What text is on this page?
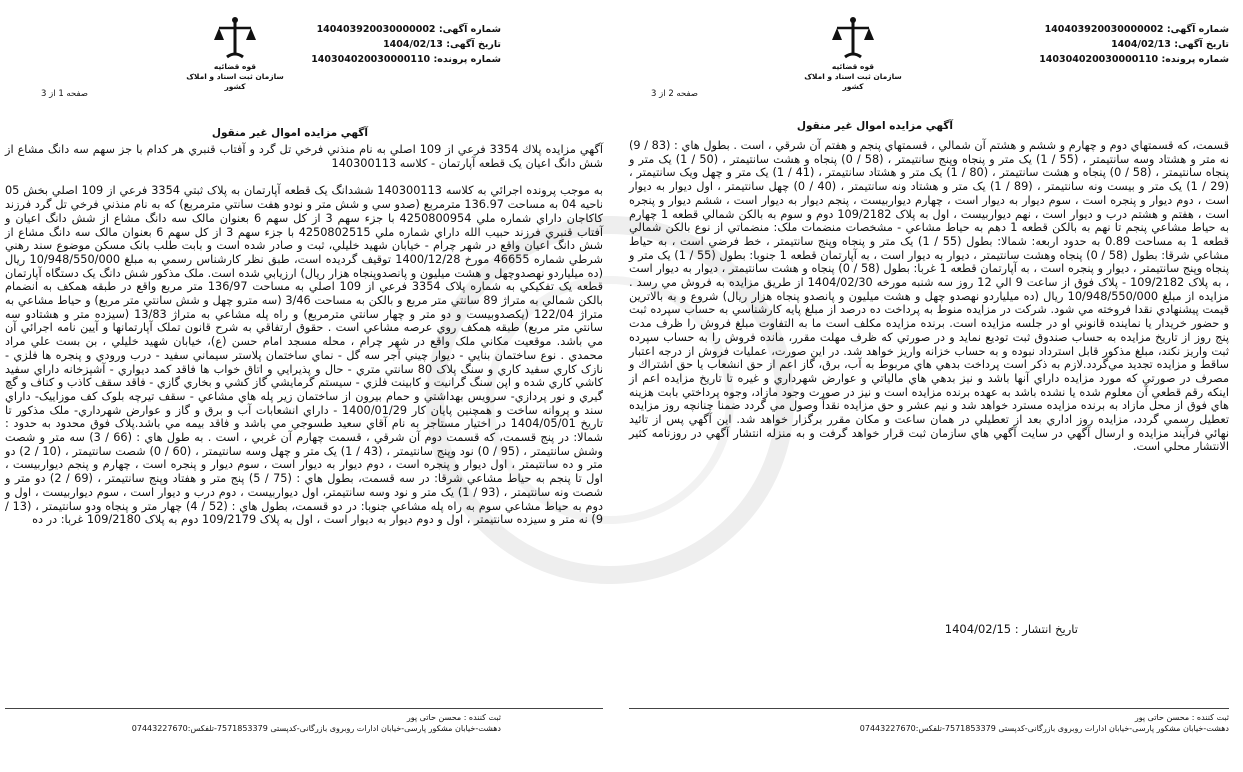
شماره آگهی: 140403920030000002
تاریخ آگهی: 1404/02/13
شماره پرونده: 140304020030000110
قوه قضائیه
سازمان ثبت اسناد و املاک کشور
صفحه 2 از 3
آگهي مزايده اموال غير منقول

قسمت، كه قسمتهاي دوم و چهارم و ششم و هشتم آن شمالي ، قسمتهاي پنجم و هفتم آن شرقي ، است . بطول هاي : (83 / 9) نه متر و هشتاد وسه سانتيمتر ، (55 / 1) يک متر و پنجاه وپنج سانتيمتر ، (58 / 0) پنجاه و هشت سانتيمتر ، (50 / 1) يک متر و پنجاه سانتيمتر ، (58 / 0) پنجاه و هشت سانتيمتر ، (80 / 1) يک متر و هشتاد سانتيمتر ، (41 / 1) يک متر و چهل ويک سانتيمتر ، (29 / 1) يک متر و بيست ونه سانتيمتر ، (89 / 1) يک متر و هشتاد ونه سانتيمتر ، (40 / 0) چهل سانتيمتر ، اول ديوار به ديوار است ، دوم ديوار و پنجره است ، سوم ديوار به ديوار است ، چهارم ديواربيست ، پنجم ديوار به ديوار است ، ششم ديوار و پنجره است ، هفتم و هشتم درب و ديوار است ، نهم ديواربيست ، اول به پلاک 109/2182 دوم و سوم به بالکن شمالي قطعه 1 چهارم به حياط مشاعي پنجم تا نهم به بالکن قطعه 1 دهم به حياط مشاعي - مشخصات منضمات ملک: منضماتي از نوع بالکن شمالي قطعه 1 به مساحت 0.89 به حدود اربعه: شمالا: بطول (55 / 1) يک متر و پنجاه وپنج سانتيمتر ، خط فرضي است ، به حياط مشاعي شرقا: بطول (58 / 0) پنجاه وهشت سانتيمتر ، ديوار به ديوار است ، به آپارتمان قطعه 1 جنوبا: بطول (55 / 1) يک متر و پنجاه وپنج سانتيمتر ، ديوار و پنجره است ، به آپارتمان قطعه 1 غربا: بطول (58 / 0) پنجاه و هشت سانتيمتر ، ديوار به ديوار است ، به پلاک 109/2182 - پلاک فوق از ساعت 9 الي 12 روز سه شنبه مورخه 1404/02/30 از طريق مزايده به فروش مي رسد . مزايده از مبلغ 10/948/550/000 ريال (ده ميلياردو نهصدو چهل و هشت ميليون و پانصدو پنجاه هزار ريال) شروع و به بالاترين قيمت پيشنهادي نقدا فروخته مي شود. شركت در مزايده منوط به پرداخت ده درصد از مبلغ پايه كارشناسي به حساب سپرده ثبت و حضور خريدار يا نماينده قانوني او در جلسه مزايده است. برنده مزايده مكلف است ما به التفاوت مبلغ فروش را ظرف مدت پنج روز از تاريخ مزايده به حساب صندوق ثبت توديع نمايد و در صورتي كه ظرف مهلت مقرر، مانده فروش را به حساب سپرده ثبت واريز نكند، مبلغ مذكور قابل استرداد نبوده و به حساب خزانه واريز خواهد شد. در اين صورت، عمليات فروش از درجه اعتبار ساقط و مزايده تجديد مي‌گردد.لازم به ذكر است پرداخت بدهي هاي مربوط به آب، برق، گاز اعم از حق انشعاب يا حق اشتراك و مصرف در صورتي كه مورد مزايده داراي آنها باشد و نيز بدهي هاي مالياتي و عوارض شهرداري و غيره تا تاريخ مزايده اعم از اينكه رقم قطعي آن معلوم شده يا نشده باشد به عهده برنده مزايده است و نيز در صورت وجود مازاد، وجوه پرداختي بابت هزينه هاي فوق از محل مازاد به برنده مزايده مسترد خواهد شد و نيم عشر و حق مزايده نقداً وصول مي گردد ضمنا چنانچه روز مزايده تعطيل رسمي گردد، مزايده روز اداري بعد از تعطيلي در همان ساعت و مكان مقرر برگزار خواهد شد. اين آگهي پس از تائيد نهائي فرآيند مزايده و ارسال آگهي در سايت آگهي هاي سازمان ثبت قرار خواهد گرفت و به منزله انتشار آگهي در روزنامه كثير الانتشار محلي است.

تاريخ انتشار : 1404/02/15
ثبت کننده : محسن حاتی پور
دهشت-خیابان مشکور پارسی-خیابان ادارات روبروی بازرگانی-کدپستی 7571853379-تلفکس:07443227670
شماره آگهی: 140403920030000002
تاریخ آگهی: 1404/02/13
شماره پرونده: 140304020030000110
قوه قضائیه
سازمان ثبت اسناد و املاک کشور
صفحه 1 از 3
آگهي مزايده اموال غير منقول

آگهي مزايده پلاك 3354 فرعي از 109 اصلي به نام منذني فرخي تل گرد و آفتاب قنبري هر كدام با جز سهم سه دانگ مشاع از شش دانگ اعيان يک قطعه آپارتمان - کلاسه 140300113

به موجب پرونده اجرائي به كلاسه 140300113 ششدانگ يک قطعه آپارتمان به پلاک ثبتي 3354 فرعي از 109 اصلي بخش 05 ناحيه 04 به مساحت 136.97 مترمربع (صدو سي و شش متر و نودو هفت سانتي مترمربع) كه به نام منذني فرخي تل گرد فرزند كاكاجان داراي شماره ملي 4250800954 با جزء سهم 3 از كل سهم 6 بعنوان مالک سه دانگ مشاع از شش دانگ اعيان و آفتاب قنبري فرزند حبيب الله داراي شماره ملي 4250802515 با جزء سهم 3 از كل سهم 6 بعنوان مالک سه دانگ مشاع از شش دانگ اعيان واقع در شهر چرام - خيابان شهيد خليلي، ثبت و صادر شده است و بابت طلب بانک مسكن موضوع سند رهني شرطي شماره 46655 مورخ 1400/12/28 توقيف گرديده است، طبق نظر كارشناس رسمي به مبلغ 10/948/550/000 ريال (ده ميلياردو نهصدوچهل و هشت ميليون و پانصدوپنجاه هزار ريال) ارزيابي شده است. ملک مذكور شش دانگ يک دستگاه آپارتمان قطعه يک تفكيكي به شماره پلاک 3354 فرعي از 109 اصلي به مساحت 136/97 متر مربع واقع در طبقه همكف به انضمام بالكن شمالي به متراژ 89 سانتي متر مربع و بالكن به مساحت 3/46 (سه مترو چهل و شش سانتي متر مربع) و حياط مشاعي به متراژ 122/04 (يكصدوبيست و دو متر و چهار سانتي مترمربع) و راه پله مشاعي به متراژ 13/83 (سيزده متر و هشتادو سه سانتي متر مربع) طبقه همكف روي عرصه مشاعي است . حقوق ارتفاقي به شرح قانون تملک آپارتمانها و آيين نامه اجرائي آن مي باشد. موقعيت مكاني ملک واقع در شهر چرام ، محله مسجد امام حسن (ع)، خيابان شهيد خليلي ، بن بست علي مراد محمدي . نوع ساختمان بنايي - ديوار چيني آجر سه گل - نماي ساختمان پلاستر سيماني سفيد - درب ورودي و پنجره ها فلزي - نازک كاري سفيد كاري و سنگ پلاک 80 سانتي متري - حال و پذيرايي و اتاق خواب ها فاقد كمد ديواري - آشپزخانه داراي سفيد كاشي كاري شده و اپن سنگ گرانيت و كابينت فلزي - سيستم گرمايشي گاز كشي و بخاري گازي - فاقد سقف كاذب و كناف و گچ گيري و نور پردازي- سرويس بهداشتي و حمام بيرون از ساختمان زير پله هاي مشاعي - سقف تيرچه بلوک كف موزاييک- داراي سند و پروانه ساخت و همچنين پايان كار 1400/01/29 - داراي انشعابات آب و برق و گاز و عوارض شهرداري- ملک مذكور تا تاريخ 1404/05/01 در اختيار مستاجر به نام آقاي سعيد طسوجي مي باشد و فاقد بيمه مي باشد.پلاک فوق محدود به حدود : شمالا: در پنج قسمت، كه قسمت دوم آن شرقي ، قسمت چهارم آن غربي ، است . به طول هاي : (66 / 3) سه متر و شصت وشش سانتيمتر ، (95 / 0) نود وپنج سانتيمتر ، (43 / 1) يک متر و چهل وسه سانتيمتر ، (60 / 0) شصت سانتيمتر ، (10 / 2) دو متر و ده سانتيمتر ، اول ديوار و پنجره است ، دوم ديوار به ديوار است ، سوم ديوار و پنجره است ، چهارم و پنجم ديواربيست ، اول تا پنجم به حياط مشاعي شرقا: در سه قسمت، بطول هاي : (75 / 5) پنج متر و هفتاد وپنج سانتيمتر ، (69 / 2) دو متر و شصت ونه سانتيمتر ، (93 / 1) يک متر و نود وسه سانتيمتر، اول ديواربيست ، دوم درب و ديوار است ، سوم ديواربيست ، اول و دوم به حياط مشاعي سوم به راه پله مشاعي جنوبا: در دو قسمت، بطول هاي : (52 / 4) چهار متر و پنجاه ودو سانتيمتر ، (13 / 9) نه متر و سيزده سانتيمتر ، اول و دوم ديوار به ديوار است ، اول به پلاک 109/2179 دوم به پلاک 109/2180 غربا: در ده

ثبت کننده : محسن حاتی پور
دهشت-خیابان مشکور پارسی-خیابان ادارات روبروی بازرگانی-کدپستی 7571853379-تلفکس:07443227670
